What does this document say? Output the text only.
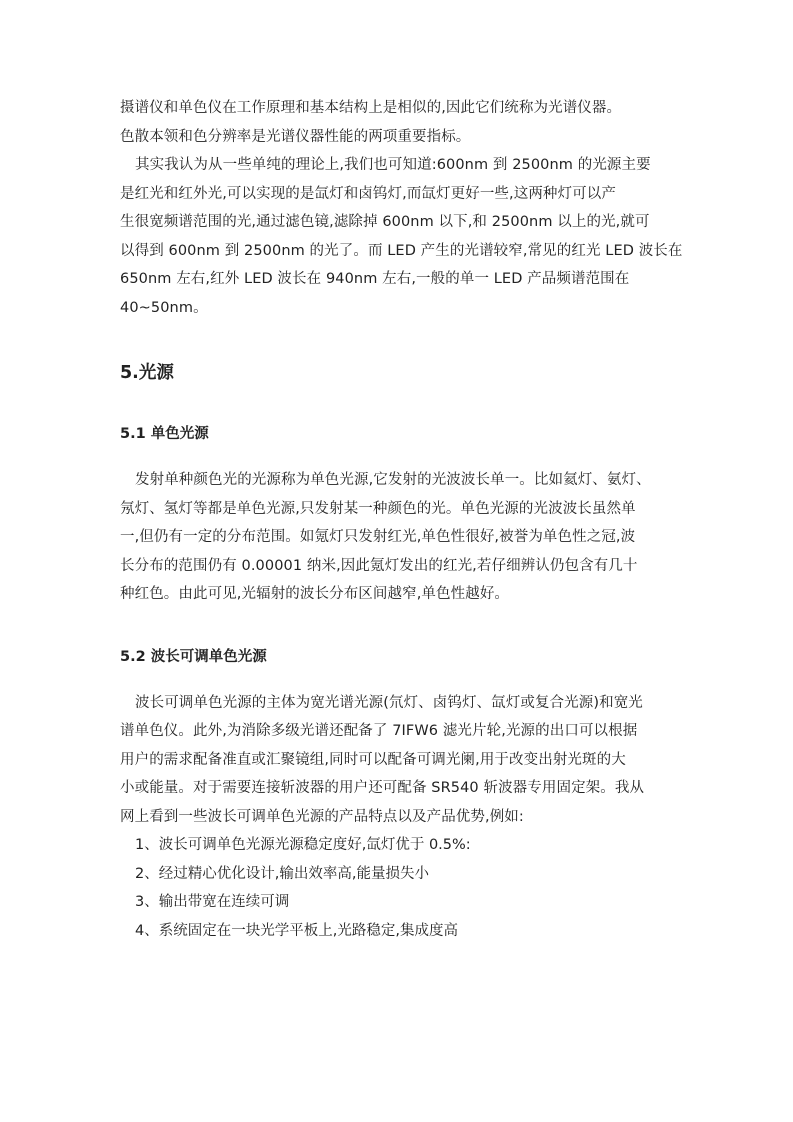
摄谱仪和单色仪在工作原理和基本结构上是相似的,因此它们统称为光谱仪器。
色散本领和色分辨率是光谱仪器性能的两项重要指标。

其实我认为从一些单纯的理论上,我们也可知道:600nm 到 2500nm 的光源主要
是红光和红外光,可以实现的是氙灯和卤钨灯,而氙灯更好一些,这两种灯可以产
生很宽频谱范围的光,通过滤色镜,滤除掉 600nm 以下,和 2500nm 以上的光,就可
以得到 600nm 到 2500nm 的光了。而 LED 产生的光谱较窄,常见的红光 LED 波长在
650nm 左右,红外 LED 波长在 940nm 左右,一般的单一 LED 产品频谱范围在
40~50nm。

5.光源
5.1 单色光源

发射单种颜色光的光源称为单色光源,它发射的光波波长单一。比如氦灯、氨灯、
氖灯、氢灯等都是单色光源,只发射某一种颜色的光。单色光源的光波波长虽然单
一,但仍有一定的分布范围。如氪灯只发射红光,单色性很好,被誉为单色性之冠,波
长分布的范围仍有 0.00001 纳米,因此氪灯发出的红光,若仔细辨认仍包含有几十
种红色。由此可见,光辐射的波长分布区间越窄,单色性越好。

5.2 波长可调单色光源

波长可调单色光源的主体为宽光谱光源(氘灯、卤钨灯、氙灯或复合光源)和宽光
谱单色仪。此外,为消除多级光谱还配备了 7IFW6 滤光片轮,光源的出口可以根据
用户的需求配备准直或汇聚镜组,同时可以配备可调光阑,用于改变出射光斑的大
小或能量。对于需要连接斩波器的用户还可配备 SR540 斩波器专用固定架。我从
网上看到一些波长可调单色光源的产品特点以及产品优势,例如:

1、波长可调单色光源光源稳定度好,氙灯优于 0.5%:
2、经过精心优化设计,输出效率高,能量损失小
3、输出带宽在连续可调
4、系统固定在一块光学平板上,光路稳定,集成度高
